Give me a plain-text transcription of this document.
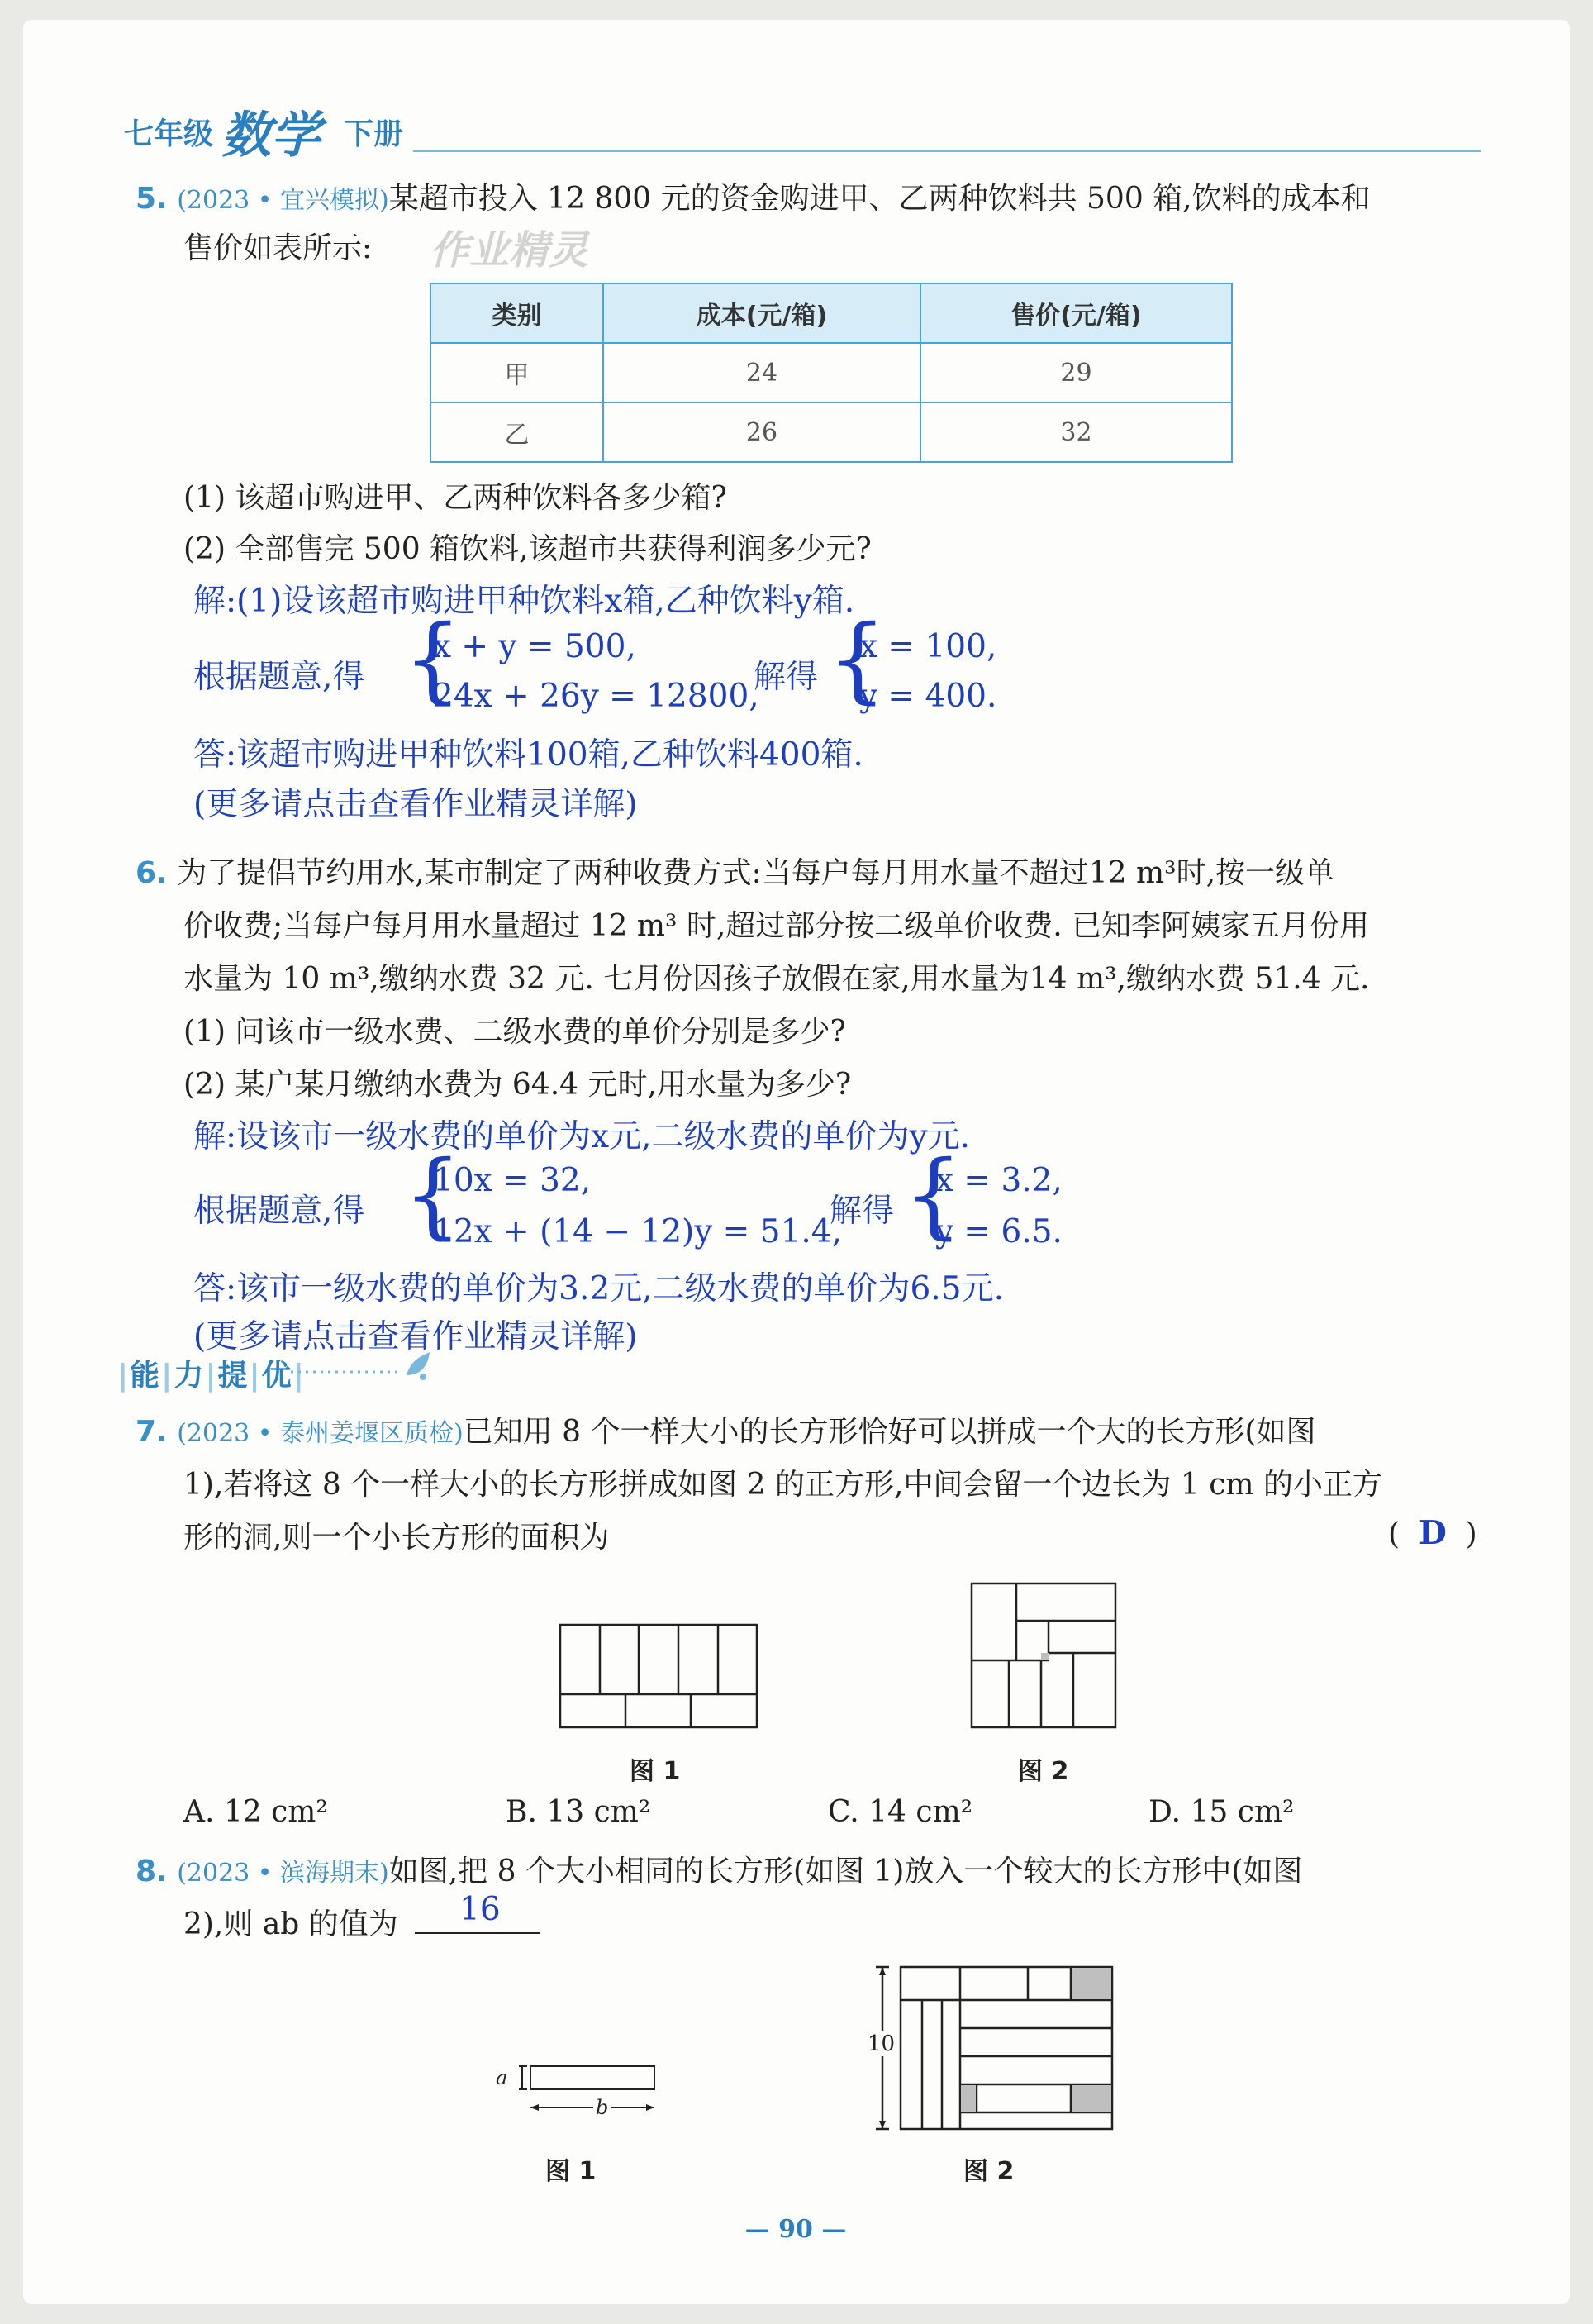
七年级 数学 下册
5. (2023 • 宜兴模拟)某超市投入 12 800 元的资金购进甲、乙两种饮料共 500 箱,饮料的成本和
售价如表所示: 作业精灵
类别	成本(元/箱)	售价(元/箱)
甲	24	29
乙	26	32
(1) 该超市购进甲、乙两种饮料各多少箱?
(2) 全部售完 500 箱饮料,该超市共获得利润多少元?
解:(1)设该超市购进甲种饮料x箱,乙种饮料y箱.
根据题意,得 {
x + y = 500,
24x + 26y = 12800,
解得 {
x = 100,
y = 400.
答:该超市购进甲种饮料100箱,乙种饮料400箱.
(更多请点击查看作业精灵详解)
6. 为了提倡节约用水,某市制定了两种收费方式:当每户每月用水量不超过12 m³时,按一级单
价收费;当每户每月用水量超过 12 m³ 时,超过部分按二级单价收费. 已知李阿姨家五月份用
水量为 10 m³,缴纳水费 32 元. 七月份因孩子放假在家,用水量为14 m³,缴纳水费 51.4 元.
(1) 问该市一级水费、二级水费的单价分别是多少?
(2) 某户某月缴纳水费为 64.4 元时,用水量为多少?
解:设该市一级水费的单价为x元,二级水费的单价为y元.
根据题意,得 {
10x = 32,
12x + (14 − 12)y = 51.4,
解得 {
x = 3.2,
y = 6.5.
答:该市一级水费的单价为3.2元,二级水费的单价为6.5元.
(更多请点击查看作业精灵详解)
|能|力|提|优|
7. (2023 • 泰州姜堰区质检)已知用 8 个一样大小的长方形恰好可以拼成一个大的长方形(如图
1),若将这 8 个一样大小的长方形拼成如图 2 的正方形,中间会留一个边长为 1 cm 的小正方
形的洞,则一个小长方形的面积为	(  D  )
图 1	图 2
A. 12 cm²	B. 13 cm²	C. 14 cm²	D. 15 cm²
8. (2023 • 滨海期末)如图,把 8 个大小相同的长方形(如图 1)放入一个较大的长方形中(如图
2),则 ab 的值为 16
a
b
图 1
10
图 2
— 90 —
